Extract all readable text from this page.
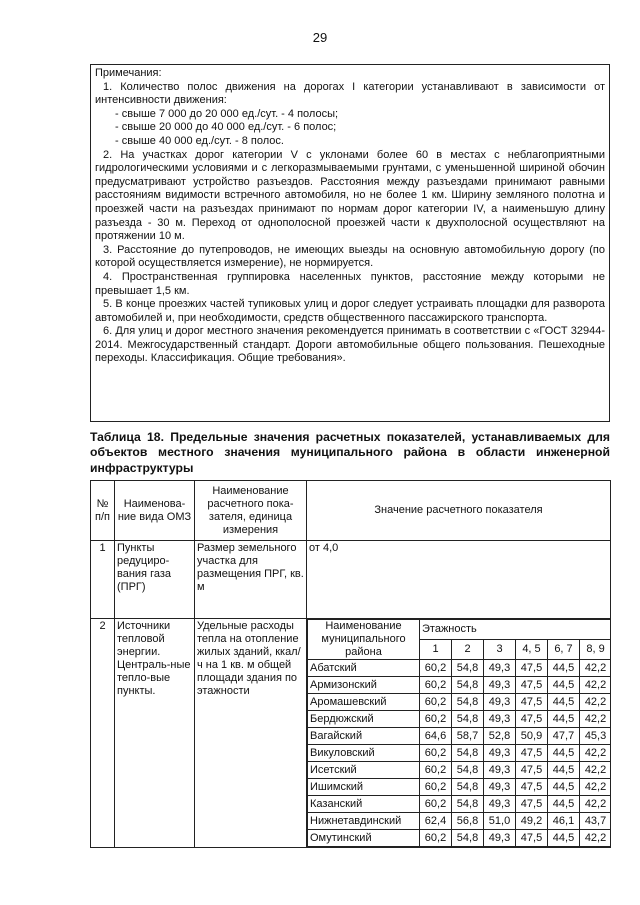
29

Примечания:

1. Количество полос движения на дорогах I категории устанавливают в зависимости от интенсивности движения:

- свыше 7 000 до 20 000 ед./сут. - 4 полосы;

- свыше 20 000 до 40 000 ед./сут. - 6 полос;

- свыше 40 000 ед./сут. - 8 полос.

2. На участках дорог категории V с уклонами более 60 в местах с неблагоприятными гидрологическими условиями и с легкоразмываемыми грунтами, с уменьшенной шириной обочин предусматривают устройство разъездов. Расстояния между разъездами принимают равными расстояниям видимости встречного автомобиля, но не более 1 км. Ширину земляного полотна и проезжей части на разъездах принимают по нормам дорог категории IV, а наименьшую длину разъезда - 30 м. Переход от однополосной проезжей части к двухполосной осуществляют на протяжении 10 м.

3. Расстояние до путепроводов, не имеющих выезды на основную автомобильную дорогу (по которой осуществляется измерение), не нормируется.

4. Пространственная группировка населенных пунктов, расстояние между которыми не превышает 1,5 км.

5. В конце проезжих частей тупиковых улиц и дорог следует устраивать площадки для разворота автомобилей и, при необходимости, средств общественного пассажирского транспорта.

6. Для улиц и дорог местного значения рекомендуется принимать в соответствии с «ГОСТ 32944-2014. Межгосударственный стандарт. Дороги автомобильные общего пользования. Пешеходные переходы. Классификация. Общие требования».

Таблица 18. Предельные значения расчетных показателей, устанавливаемых для объектов местного значения муниципального района в области инженерной инфраструктуры
№ п/п	Наименова-ние вида ОМЗ	Наименование расчетного пока-зателя, единица измерения	Значение расчетного показателя
1	Пункты редуциро-вания газа (ПРГ)	Размер земельного участка для размещения ПРГ, кв. м	от 4,0
2	Источники тепловой энергии. Централь-ные тепло-вые пункты.	Удельные расходы тепла на отопление жилых зданий, ккал/ч на 1 кв. м общей площади здания по этажности	
Наименование муниципального района	Этажность
1	2	3	4, 5	6, 7	8, 9
Абатский	60,2	54,8	49,3	47,5	44,5	42,2
Армизонский	60,2	54,8	49,3	47,5	44,5	42,2
Аромашевский	60,2	54,8	49,3	47,5	44,5	42,2
Бердюжский	60,2	54,8	49,3	47,5	44,5	42,2
Вагайский	64,6	58,7	52,8	50,9	47,7	45,3
Викуловский	60,2	54,8	49,3	47,5	44,5	42,2
Исетский	60,2	54,8	49,3	47,5	44,5	42,2
Ишимский	60,2	54,8	49,3	47,5	44,5	42,2
Казанский	60,2	54,8	49,3	47,5	44,5	42,2
Нижнетавдинский	62,4	56,8	51,0	49,2	46,1	43,7
Омутинский	60,2	54,8	49,3	47,5	44,5	42,2
